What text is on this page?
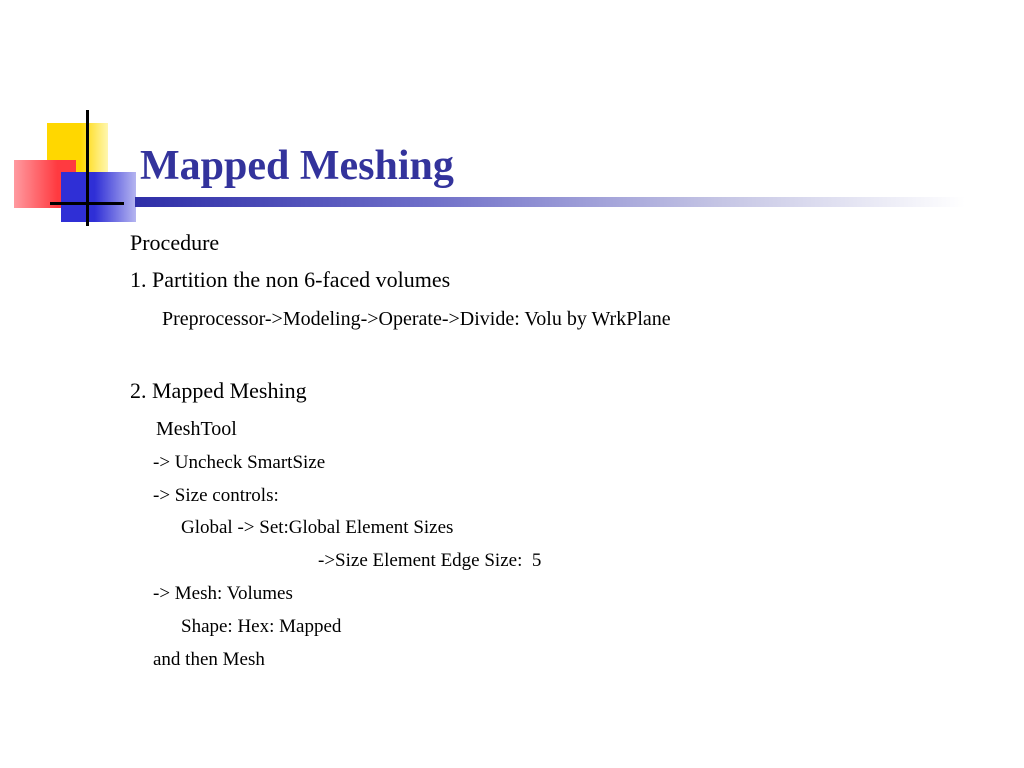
Mapped Meshing
Procedure
1. Partition the non 6-faced volumes
Preprocessor->Modeling->Operate->Divide: Volu by WrkPlane
2. Mapped Meshing
MeshTool
-> Uncheck SmartSize
-> Size controls:
Global -> Set:Global Element Sizes
->Size Element Edge Size:  5
-> Mesh: Volumes
Shape: Hex: Mapped
and then Mesh
